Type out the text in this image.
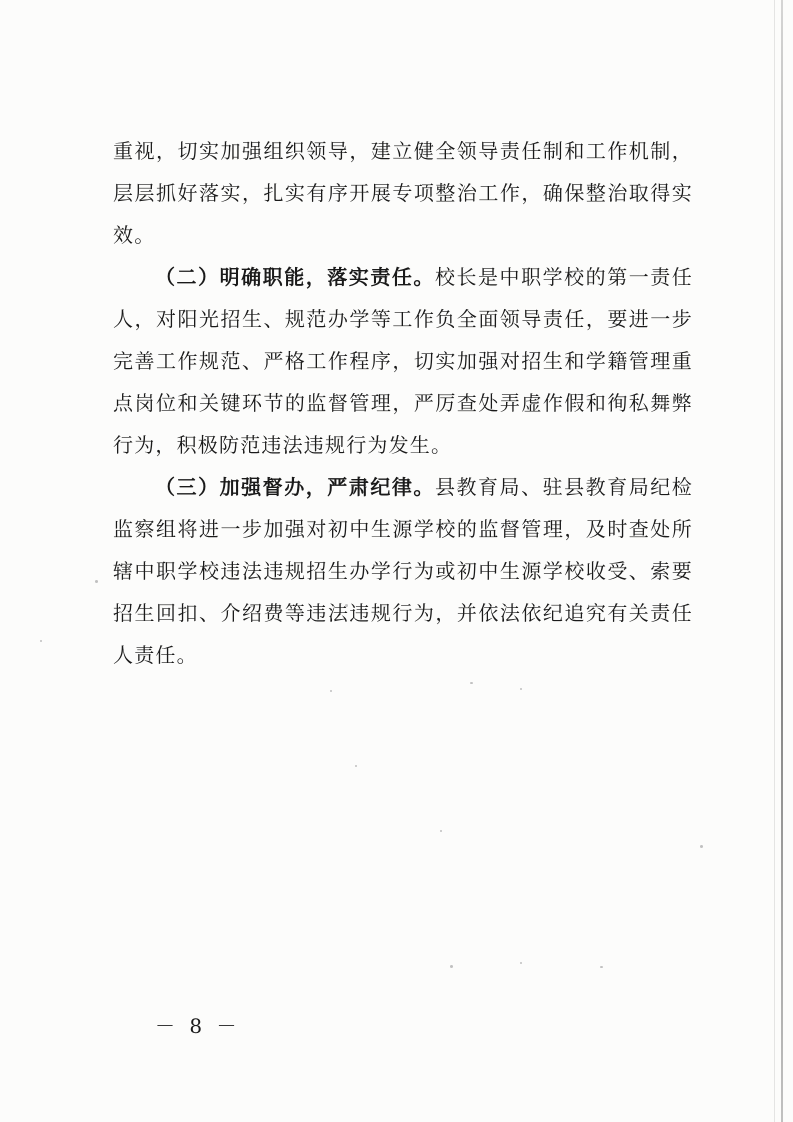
重视，切实加强组织领导，建立健全领导责任制和工作机制，层层抓好落实，扎实有序开展专项整治工作，确保整治取得实效。

（二）明确职能，落实责任。校长是中职学校的第一责任人，对阳光招生、规范办学等工作负全面领导责任，要进一步完善工作规范、严格工作程序，切实加强对招生和学籍管理重点岗位和关键环节的监督管理，严厉查处弄虚作假和徇私舞弊行为，积极防范违法违规行为发生。

（三）加强督办，严肃纪律。县教育局、驻县教育局纪检监察组将进一步加强对初中生源学校的监督管理，及时查处所辖中职学校违法违规招生办学行为或初中生源学校收受、索要招生回扣、介绍费等违法违规行为，并依法依纪追究有关责任人责任。

－ 8 －
